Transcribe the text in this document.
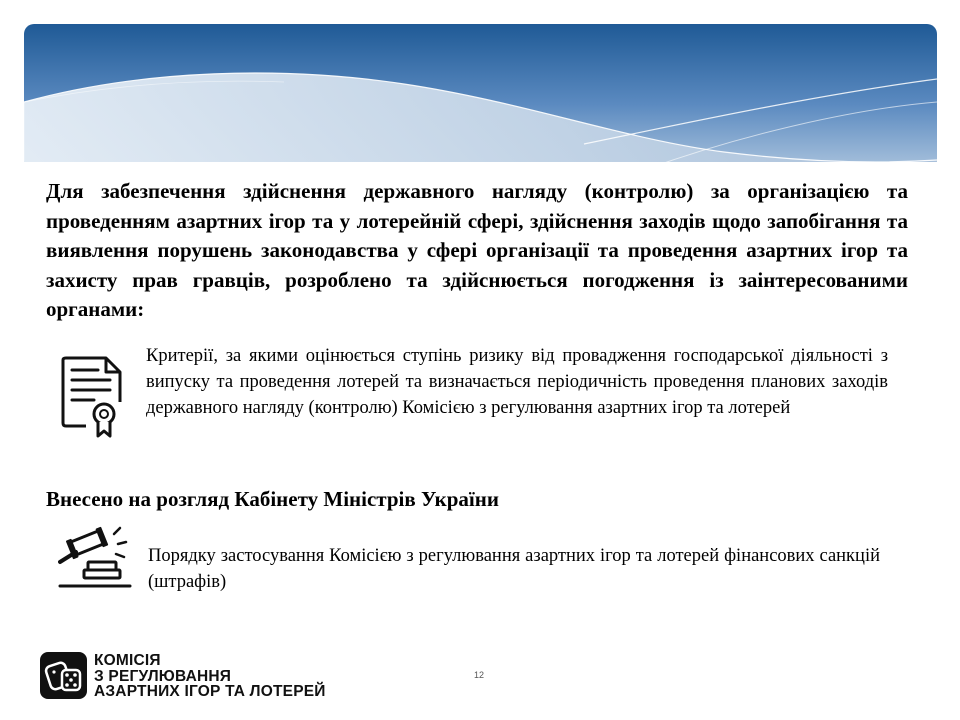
Для забезпечення здійснення державного нагляду (контролю) за організацією та проведенням азартних ігор та у лотерейній сфері, здійснення заходів щодо запобігання та виявлення порушень законодавства у сфері організації та проведення азартних ігор та захисту прав гравців, розроблено та здійснюється погодження із заінтересованими органами:

Критерії, за якими оцінюється ступінь ризику від провадження господарської діяльності з випуску та проведення лотерей та визначається періодичність проведення планових заходів державного нагляду (контролю) Комісією з регулювання азартних ігор та лотерей

Внесено на розгляд Кабінету Міністрів України

Порядку застосування Комісією з регулювання азартних ігор та лотерей фінансових санкцій (штрафів)

КОМІСІЯ
З РЕГУЛЮВАННЯ
АЗАРТНИХ ІГОР ТА ЛОТЕРЕЙ
12
